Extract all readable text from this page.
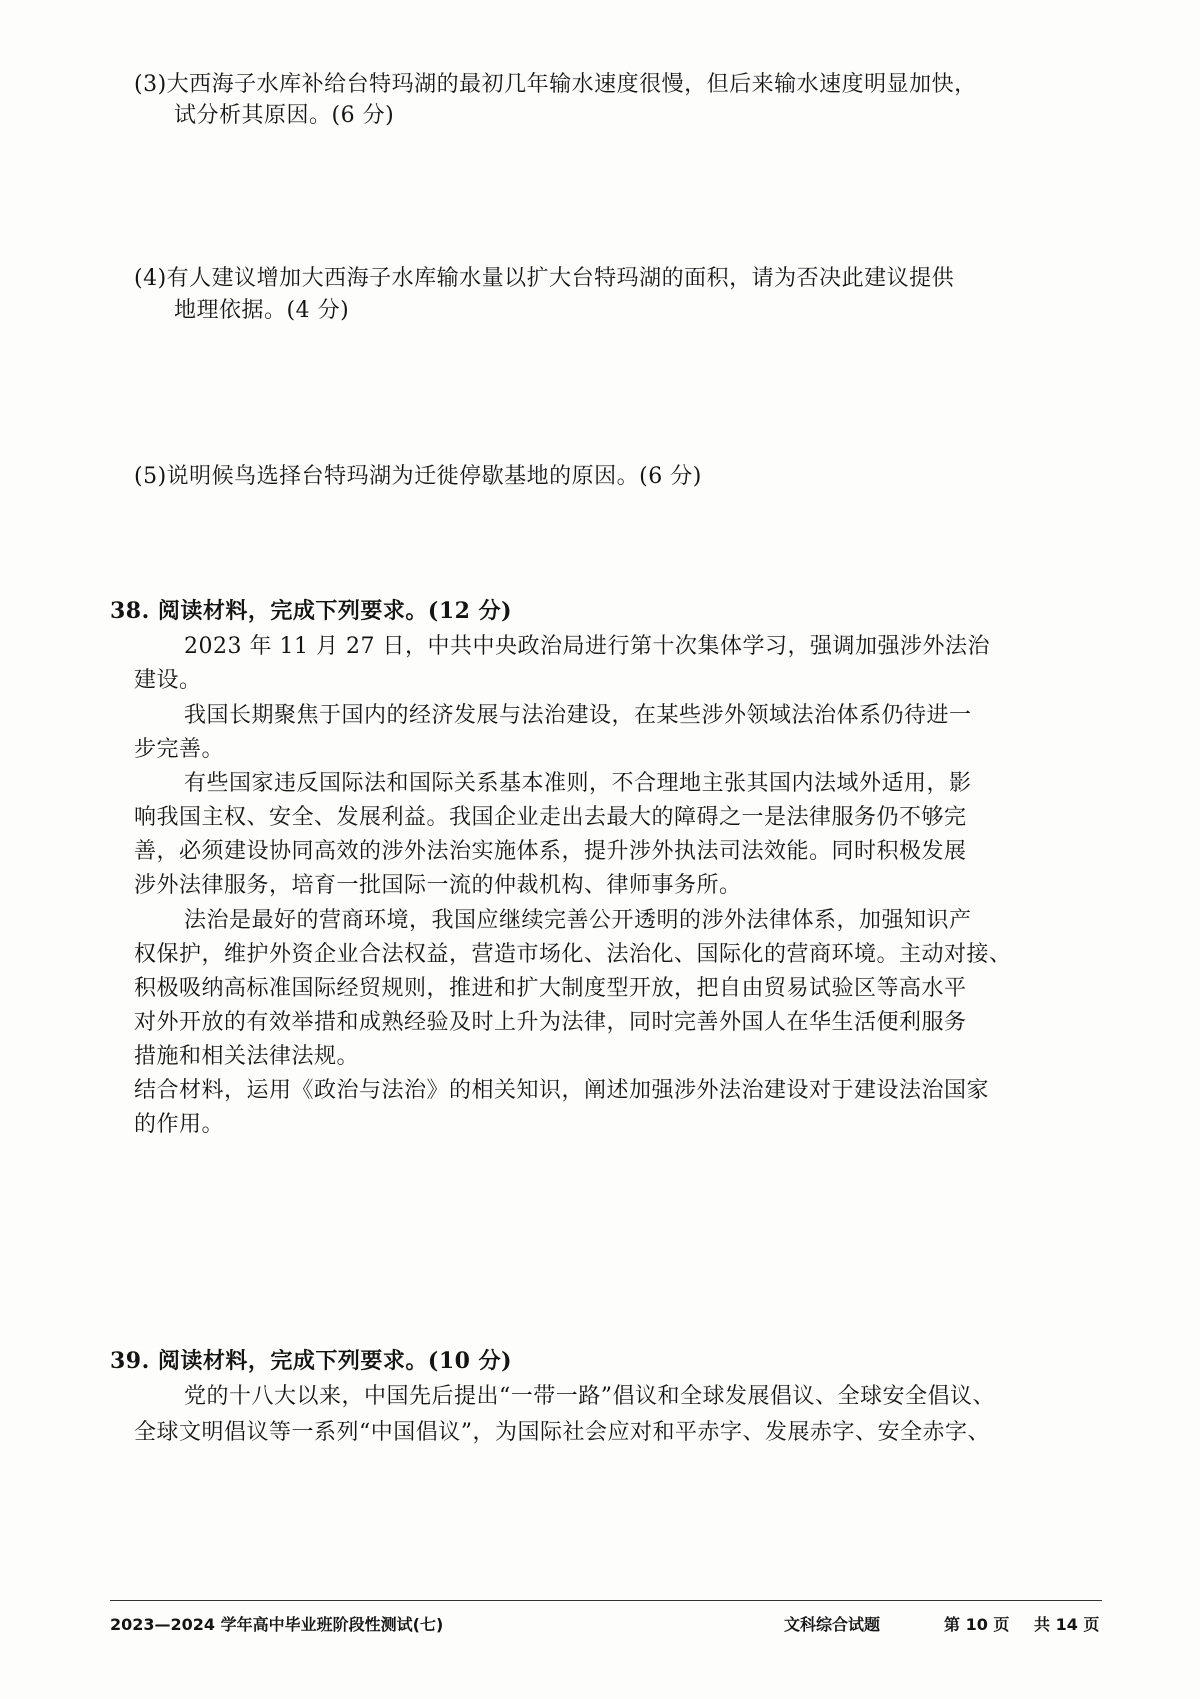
(3)大西海子水库补给台特玛湖的最初几年输水速度很慢，但后来输水速度明显加快，
试分析其原因。(6 分)
(4)有人建议增加大西海子水库输水量以扩大台特玛湖的面积，请为否决此建议提供
地理依据。(4 分)
(5)说明候鸟选择台特玛湖为迁徙停歇基地的原因。(6 分)
38. 阅读材料，完成下列要求。(12 分)
2023 年 11 月 27 日，中共中央政治局进行第十次集体学习，强调加强涉外法治
建设。
我国长期聚焦于国内的经济发展与法治建设，在某些涉外领域法治体系仍待进一
步完善。
有些国家违反国际法和国际关系基本准则，不合理地主张其国内法域外适用，影
响我国主权、安全、发展利益。我国企业走出去最大的障碍之一是法律服务仍不够完
善，必须建设协同高效的涉外法治实施体系，提升涉外执法司法效能。同时积极发展
涉外法律服务，培育一批国际一流的仲裁机构、律师事务所。
法治是最好的营商环境，我国应继续完善公开透明的涉外法律体系，加强知识产
权保护，维护外资企业合法权益，营造市场化、法治化、国际化的营商环境。主动对接、
积极吸纳高标准国际经贸规则，推进和扩大制度型开放，把自由贸易试验区等高水平
对外开放的有效举措和成熟经验及时上升为法律，同时完善外国人在华生活便利服务
措施和相关法律法规。
结合材料，运用《政治与法治》的相关知识，阐述加强涉外法治建设对于建设法治国家
的作用。
39. 阅读材料，完成下列要求。(10 分)
党的十八大以来，中国先后提出“一带一路”倡议和全球发展倡议、全球安全倡议、
全球文明倡议等一系列“中国倡议”，为国际社会应对和平赤字、发展赤字、安全赤字、
2023—2024 学年高中毕业班阶段性测试(七)	文科综合试题	第 10 页 共 14 页
